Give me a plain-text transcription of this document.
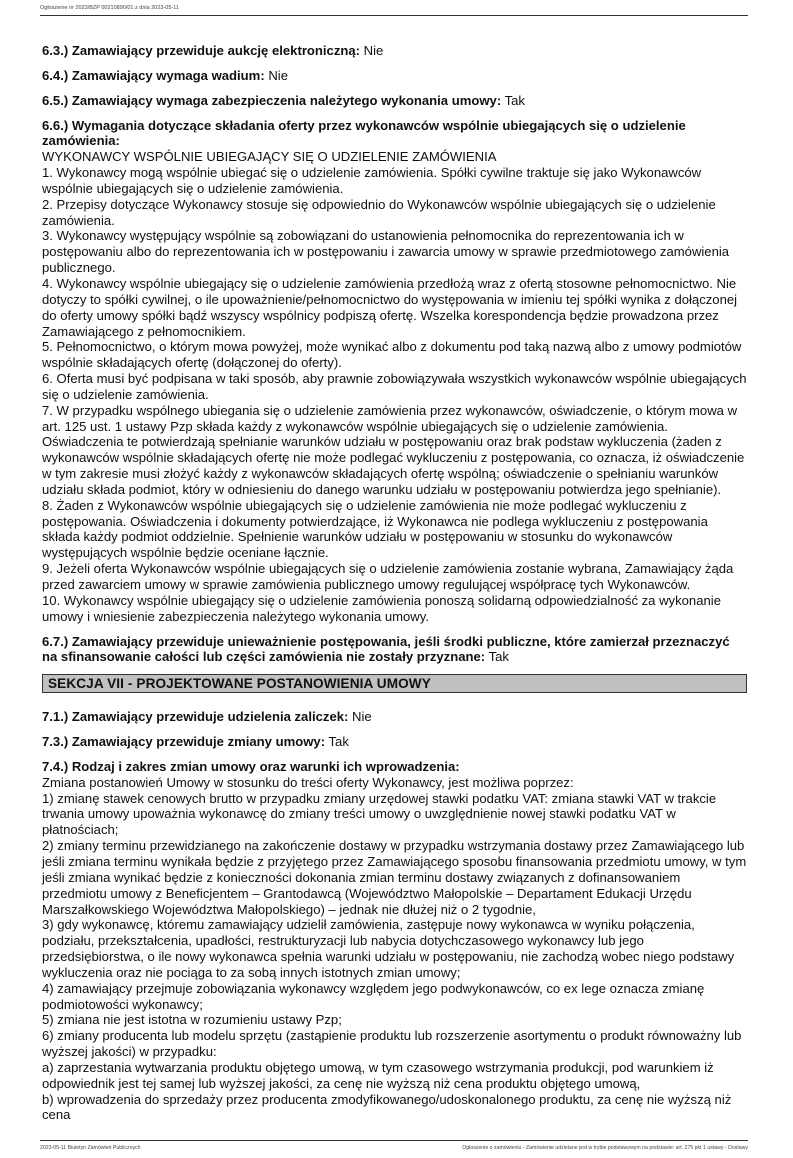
Ogłoszenie nr 2023/BZP 00210890/01 z dnia 2023-05-11

6.3.) Zamawiający przewiduje aukcję elektroniczną: Nie

6.4.) Zamawiający wymaga wadium: Nie

6.5.) Zamawiający wymaga zabezpieczenia należytego wykonania umowy: Tak

6.6.) Wymagania dotyczące składania oferty przez wykonawców wspólnie ubiegających się o udzielenie zamówienia:

WYKONAWCY WSPÓLNIE UBIEGAJĄCY SIĘ O UDZIELENIE ZAMÓWIENIA

1. Wykonawcy mogą wspólnie ubiegać się o udzielenie zamówienia. Spółki cywilne traktuje się jako Wykonawców wspólnie ubiegających się o udzielenie zamówienia.

2. Przepisy dotyczące Wykonawcy stosuje się odpowiednio do Wykonawców wspólnie ubiegających się o udzielenie zamówienia.

3. Wykonawcy występujący wspólnie są zobowiązani do ustanowienia pełnomocnika do reprezentowania ich w postępowaniu albo do reprezentowania ich w postępowaniu i zawarcia umowy w sprawie przedmiotowego zamówienia publicznego.

4. Wykonawcy wspólnie ubiegający się o udzielenie zamówienia przedłożą wraz z ofertą stosowne pełnomocnictwo. Nie dotyczy to spółki cywilnej, o ile upoważnienie/pełnomocnictwo do występowania w imieniu tej spółki wynika z dołączonej do oferty umowy spółki bądź wszyscy wspólnicy podpiszą ofertę. Wszelka korespondencja będzie prowadzona przez Zamawiającego z pełnomocnikiem.

5. Pełnomocnictwo, o którym mowa powyżej, może wynikać albo z dokumentu pod taką nazwą albo z umowy podmiotów wspólnie składających ofertę (dołączonej do oferty).

6. Oferta musi być podpisana w taki sposób, aby prawnie zobowiązywała wszystkich wykonawców wspólnie ubiegających się o udzielenie zamówienia.

7. W przypadku wspólnego ubiegania się o udzielenie zamówienia przez wykonawców, oświadczenie, o którym mowa w art. 125 ust. 1 ustawy Pzp składa każdy z wykonawców wspólnie ubiegających się o udzielenie zamówienia. Oświadczenia te potwierdzają spełnianie warunków udziału w postępowaniu oraz brak podstaw wykluczenia (żaden z wykonawców wspólnie składających ofertę nie może podlegać wykluczeniu z postępowania, co oznacza, iż oświadczenie w tym zakresie musi złożyć każdy z wykonawców składających ofertę wspólną; oświadczenie o spełnianiu warunków udziału składa podmiot, który w odniesieniu do danego warunku udziału w postępowaniu potwierdza jego spełnianie).

8. Żaden z Wykonawców wspólnie ubiegających się o udzielenie zamówienia nie może podlegać wykluczeniu z postępowania. Oświadczenia i dokumenty potwierdzające, iż Wykonawca nie podlega wykluczeniu z postępowania składa każdy podmiot oddzielnie. Spełnienie warunków udziału w postępowaniu w stosunku do wykonawców występujących wspólnie będzie oceniane łącznie.

9. Jeżeli oferta Wykonawców wspólnie ubiegających się o udzielenie zamówienia zostanie wybrana, Zamawiający żąda przed zawarciem umowy w sprawie zamówienia publicznego umowy regulującej współpracę tych Wykonawców.

10. Wykonawcy wspólnie ubiegający się o udzielenie zamówienia ponoszą solidarną odpowiedzialność za wykonanie umowy i wniesienie zabezpieczenia należytego wykonania umowy.

6.7.) Zamawiający przewiduje unieważnienie postępowania, jeśli środki publiczne, które zamierzał przeznaczyć na sfinansowanie całości lub części zamówienia nie zostały przyznane: Tak

SEKCJA VII - PROJEKTOWANE POSTANOWIENIA UMOWY

7.1.) Zamawiający przewiduje udzielenia zaliczek: Nie

7.3.) Zamawiający przewiduje zmiany umowy: Tak

7.4.) Rodzaj i zakres zmian umowy oraz warunki ich wprowadzenia:

Zmiana postanowień Umowy w stosunku do treści oferty Wykonawcy, jest możliwa poprzez:

1) zmianę stawek cenowych brutto w przypadku zmiany urzędowej stawki podatku VAT: zmiana stawki VAT w trakcie trwania umowy upoważnia wykonawcę do zmiany treści umowy o uwzględnienie nowej stawki podatku VAT w płatnościach;

2) zmiany terminu przewidzianego na zakończenie dostawy w przypadku wstrzymania dostawy przez Zamawiającego lub jeśli zmiana terminu wynikała będzie z przyjętego przez Zamawiającego sposobu finansowania przedmiotu umowy, w tym jeśli zmiana wynikać będzie z konieczności dokonania zmian terminu dostawy związanych z dofinansowaniem przedmiotu umowy z Beneficjentem – Grantodawcą (Województwo Małopolskie – Departament Edukacji Urzędu Marszałkowskiego Województwa Małopolskiego) – jednak nie dłużej niż o 2 tygodnie,

3) gdy wykonawcę, któremu zamawiający udzielił zamówienia, zastępuje nowy wykonawca w wyniku połączenia, podziału, przekształcenia, upadłości, restrukturyzacji lub nabycia dotychczasowego wykonawcy lub jego przedsiębiorstwa, o ile nowy wykonawca spełnia warunki udziału w postępowaniu, nie zachodzą wobec niego podstawy wykluczenia oraz nie pociąga to za sobą innych istotnych zmian umowy;

4) zamawiający przejmuje zobowiązania wykonawcy względem jego podwykonawców, co ex lege oznacza zmianę podmiotowości wykonawcy;

5) zmiana nie jest istotna w rozumieniu ustawy Pzp;

6) zmiany producenta lub modelu sprzętu (zastąpienie produktu lub rozszerzenie asortymentu o produkt równoważny lub wyższej jakości) w przypadku:

a) zaprzestania wytwarzania produktu objętego umową, w tym czasowego wstrzymania produkcji, pod warunkiem iż odpowiednik jest tej samej lub wyższej jakości, za cenę nie wyższą niż cena produktu objętego umową,

b) wprowadzenia do sprzedaży przez producenta zmodyfikowanego/udoskonalonego produktu, za cenę nie wyższą niż cena

2023-05-11 Biuletyn Zamówień Publicznych	Ogłoszenie o zamówieniu - Zamówienie udzielane jest w trybie podstawowym na podstawie: art. 275 pkt 1 ustawy - Dostawy
